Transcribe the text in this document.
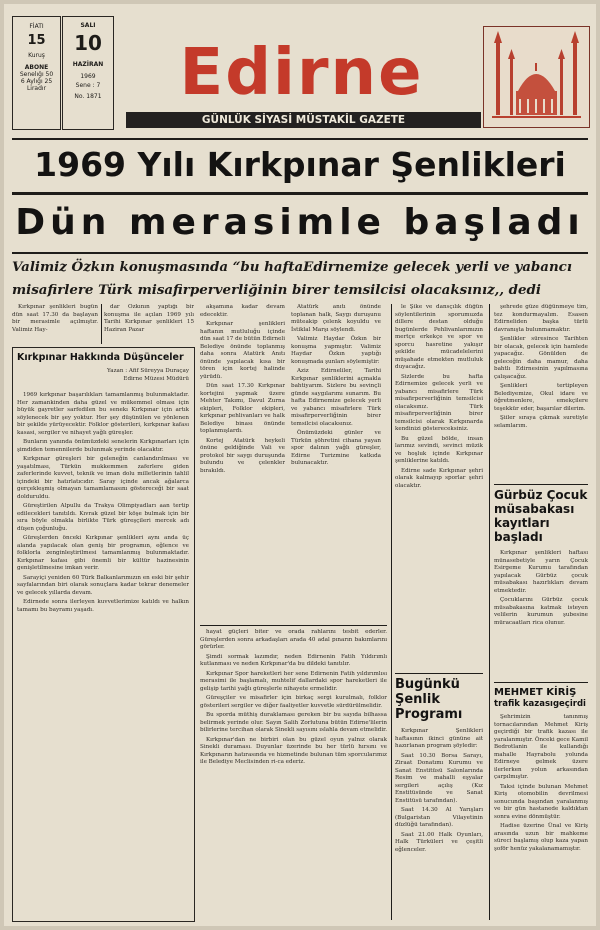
FİATI
15
Kuruş
ABONE
Senelığı 50
6 Aylığı 25
Liradır
SALI
10
HAZİRAN
1969
Sene : 7
No. 1871	Edirne
GÜNLÜK SİYASİ MÜSTAKİL GAZETE
1969 Yılı Kırkpınar Şenlikleri
Dün merasimle başladı
Valimiz Özkın konuşmasında “bu haftaEdirnemize gelecek yerli ve yabancı
misafirlere Türk misafirperverliğinin birer temsilcisi olacaksınız,, dedi

Kırkpınar şenlikleri bugün dün saat 17.30 da başlayan bir merasimle açılmıştır. Valimiz Hay-

dar Özkının yaptığı bir konuşma ile açılan 1969 yılı Tarihi Kırkpınar şenlikleri 15 Haziran Pazar

Kırkpınar Hakkında Düşünceler
Yazan : Afif Süreyya Duraçay
Edirne Müzesi Müdürü

1969 kırkpınar başarılıkları tamamlanmış bulunmaktadır. Her zamankinden daha güzel ve mükemmel olması için büyük gayretler sarfedilen bu senekı Kırkpınar için artık söylenecek bir şey yoktur. Her şey düşünülen ve yönlenen bir şekilde yürüyecektir. Folklor gösterileri, kırkpınar kafası kasasi, sergiler ve nihayet yağlı güreşler.

Bunların yanında önümüzdeki senelerin Kırkpınarları için şimdiden temennilerde bulunmak yerinde olacaktır.

Kırkpınar güreşleri bir geleneğin canlandırılması ve yaşatılması, Türkün mukkemmen zaferlere giden zaferlerinde kuvvet, teknik ve iman dolu milletlerinin tahlil içindeki bir hatırlatıcıdır. Saray içinde ancak ağalarca gerçekleşmiş olmayan tamamlamasını göstereceği bir saat dolduruldu.

Güreştirilen Alpullu da Trakya Olimpiyadları aan tertip edilecekleri tanıtıldı. Kıvrak güzel bir köşe bulmak için bir sıra böyle olmakla birlikte Türk güreşçileri mercek adı düşen çoğunluğu.

Güreşlerden önceki Kırkpınar şenlikleri aynı anda üç alanda yapılacak olan geniş bir programın, eğlence ve folklorla zenginleştirilmesi tamamlanmış bulunmaktadır. Kırkpınar kafası gibi önemli bir kültür hazinesinin genişletilmesine imkan verir.

Sarayiçi yeniden 60 Türk Balkanlarımızın en eski bir şehir sayfalarından biri olarak sonuçlara kadar tekrar denemeler ve gelecek yıllarda devam.

Edirnede sonra ilerleyen kuvvetlerimize katıldı ve halkın tamamı bu bayramı yaşadı.

akşamına kadar devam edecektir.

Kırkpınar şenlikleri haftanın mutluluğu içinde dün saat 17 de bütün Edirneli Belediye önünde toplanmış daha sonra Atatürk Anıtı önünde yapılacak kısa bir tören için kortej halinde yürüdü.

Dün saat 17.30 Kırkpınar kortejini yapmak üzere Mehter Takımı, Davul Zurna ekipleri, Folklor ekipleri, kırkpınar pehlivanları ve halk Belediye binası önünde toplanmışlardı.

Kortej Atatürk heykeli önüne geldiğinde Vali ve protokol bir saygı duruşunda bulundu ve çelenkler bırakıldı.

Atatürk anıtı önünde toplanan halk, Saygı duruşunu müteakip çelenk koyuldu ve İstiklal Marşı söylendi.

Valimiz Haydar Özkın bir konuşma yapmıştır. Valimiz Haydar Özkın yaptığı konuşmada şunları söylemiştir:

Aziz Edirneliler, Tarihi Kırkpınar şenliklerini açmakla bahtiyarım. Sizlere bu sevinçli günde saygılarımı sunarım. Bu hafta Edirnemize gelecek yerli ve yabancı misafirlere Türk misafirperverliğinin birer temsilcisi olacaksınız.

Önümüzdeki günler ve Türkün şöhretini cihana yayan spor dalının yağlı güreşler, Edirne Turizmine katkıda bulunacaktır.

le Şike ve dansçılık düğün söylentilerinin sporumuzda dillere destan olduğu bugünlerde Pehlivanlarımızın mertçe erkekçe ve spor ve sporcu hasretine yakışır şekilde mücadelelerini müşahade etmekten mutluluk duyacağız.

Sizlerde bu hafta Edirnemize gelecek yerli ve yabancı misafirlere Türk misafirperverliğinin temsilcisi olacaksınız. Türk misafirperverliğinin birer temsilcisi olarak Kırkpınarda kendinizi göstereceksiniz.

Bu güzel bölde, insan larımız sevindi, sevinci müzik ve hoşluk içinde Kırkpınar şenliklerine katıldı.

Edirne sade Kırkpınar şehri olarak kalmayıp sporlar şehri olacaktır.

şehrede güze düğünmeye tim, tez kondurmayalım. Esasen Edirneliden başka türlü davranışta bulunmamaktır.

Şenlikler süresince Tarihten bir olacak, gelecek için hamlede yapacağız. Gönülden de geleceğin daha mamur, daha bahtlı Edirnesinin yapılmasına çalışacağız.

Şenlikleri tertipleyen Belediyemize, Okul idare ve öğretmenlere, emekçilere teşekkür eder, başarılar dilerim.

Şiiler sıraya çıkmak suretiyle selamlarım.

Gürbüz Çocuk müsabakası kayıtları başladı

Kırkpınar şenlikleri haftası münasebetiyle yarın Çocuk Esirgeme Kurumu tarafından yapılacak Gürbüz çocuk müsabakası hazırlıkları devam etmektedir.

Çocuklarını Gürbüz çocuk müsabakasına katmak isteyen velilerin kurumun şubesine müracaatları rica olunur.

MEHMET KİRİŞ
trafik kazasıgeçirdi

Şehrimizin tanınmış tornacılarından Mehmet Kiriş geçirdiği bir trafik kazası ile yaralanmıştır. Önceki gece Kamil Bedrotlanin ile kullandığı mahalle Hayrabolu yolunda Edirneye gelmek üzere ilerlerken yolun arkasından çarpılmıştır.

Taksi içinde bulunan Mehmet Kiriş otomobilin devrilmesi sonucunda başından yaralanmış ve bir gün hastanede kaldıktan sonra evine dönmüştür.

Hadise üzerine Ünal ve Kiriş arasında uzun bir mahkeme süreci başlamış olup kaza yapan şoför henüz yakalanamamıştır.

hayat güçleri biter ve orada rahlarını tesbit ederler. Güreşlerden sonra arkadaşları arada 40 adal pınarın bakımlarını görürler.

Şimdi sormak lazımdır, neden Edirnenin Fatih Yıldırımlı kutlanması ve neden Kırkpınar'da bu dildeki tanıtılır.

Kırkpınar Spor hareketleri her sene Edirnenin Fatih yıldırımlısı merasimi ile başlamalı, muhtelif dallardaki spor hareketleri ile gelişip tarihi yağlı güreşlerle nihayete ermelidir.

Güreşçiler ve misafirler için birkaç sergi kurulmalı, folklor gösterileri sergiler ve diğer faaliyetler kuvvetle sürdürülmelidir.

Bu sporda müthiş duraklaması gereken bir bu sayıda bilhassa belirmek yerinde olur. Sayın Salih Zorlutuna bütün Edirne'lilerin bilirlerine tercihan olarak Sinekli sayısını ıslahla devam etmelidir.

Kırkpınar'dan ne birbiri olan bu güzel oyun yalnız olarak Sinekli duraması. Duyunlar üzerinde bu her türlü hırsını ve Kırkpınarın hatırasında ve hizmetinde bulunan tüm sporcularımız ile Belediye Meclisinden ri-ca ederiz.

Bugünkü Şenlik Programı

Kırkpınar Şenlikleri haftasının ikinci gününe ait hazırlanan program şöyledir:

Saat 10.30 Borsa Sarayı, Ziraat Donatımı Kurumu ve Sanat Enstitüsü Salonlarında Resim ve mahalli eşyalar sergileri açılış (Kız Enstitüsünde ve Sanat Enstitüsü tarafından).

Saat 14.30 Al Yarışları (Bulgaristan Vilayetinin düzlüğü tarafından).

Saat 21.00 Halk Oyunları, Halk Türküleri ve çeşitli eğlenceler.
